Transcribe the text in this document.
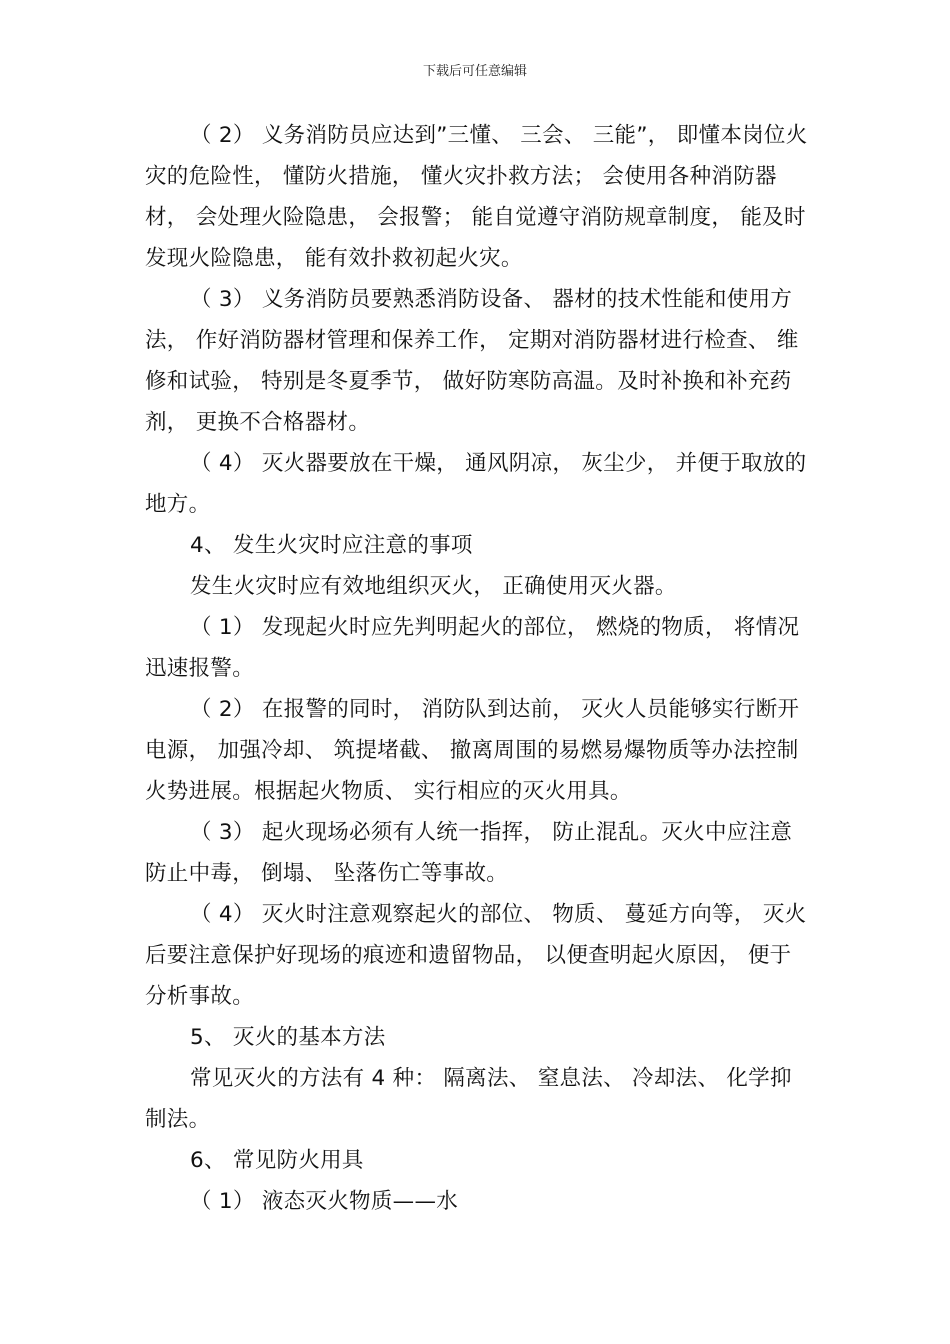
下载后可任意编辑

（ 2） 义务消防员应达到”三懂、 三会、 三能”， 即懂本岗位火灾的危险性， 懂防火措施， 懂火灾扑救方法； 会使用各种消防器材， 会处理火险隐患， 会报警； 能自觉遵守消防规章制度， 能及时发现火险隐患， 能有效扑救初起火灾。

（ 3） 义务消防员要熟悉消防设备、 器材的技术性能和使用方法， 作好消防器材管理和保养工作， 定期对消防器材进行检查、 维修和试验， 特别是冬夏季节， 做好防寒防高温。及时补换和补充药剂， 更换不合格器材。

（ 4） 灭火器要放在干燥， 通风阴凉， 灰尘少， 并便于取放的地方。

4、 发生火灾时应注意的事项

发生火灾时应有效地组织灭火， 正确使用灭火器。

（ 1） 发现起火时应先判明起火的部位， 燃烧的物质， 将情况迅速报警。

（ 2） 在报警的同时， 消防队到达前， 灭火人员能够实行断开电源， 加强冷却、 筑提堵截、 撤离周围的易燃易爆物质等办法控制火势进展。根据起火物质、 实行相应的灭火用具。

（ 3） 起火现场必须有人统一指挥， 防止混乱。灭火中应注意防止中毒， 倒塌、 坠落伤亡等事故。

（ 4） 灭火时注意观察起火的部位、 物质、 蔓延方向等， 灭火后要注意保护好现场的痕迹和遗留物品， 以便查明起火原因， 便于分析事故。

5、 灭火的基本方法

常见灭火的方法有 4 种： 隔离法、 窒息法、 冷却法、 化学抑制法。

6、 常见防火用具

（ 1） 液态灭火物质——水
